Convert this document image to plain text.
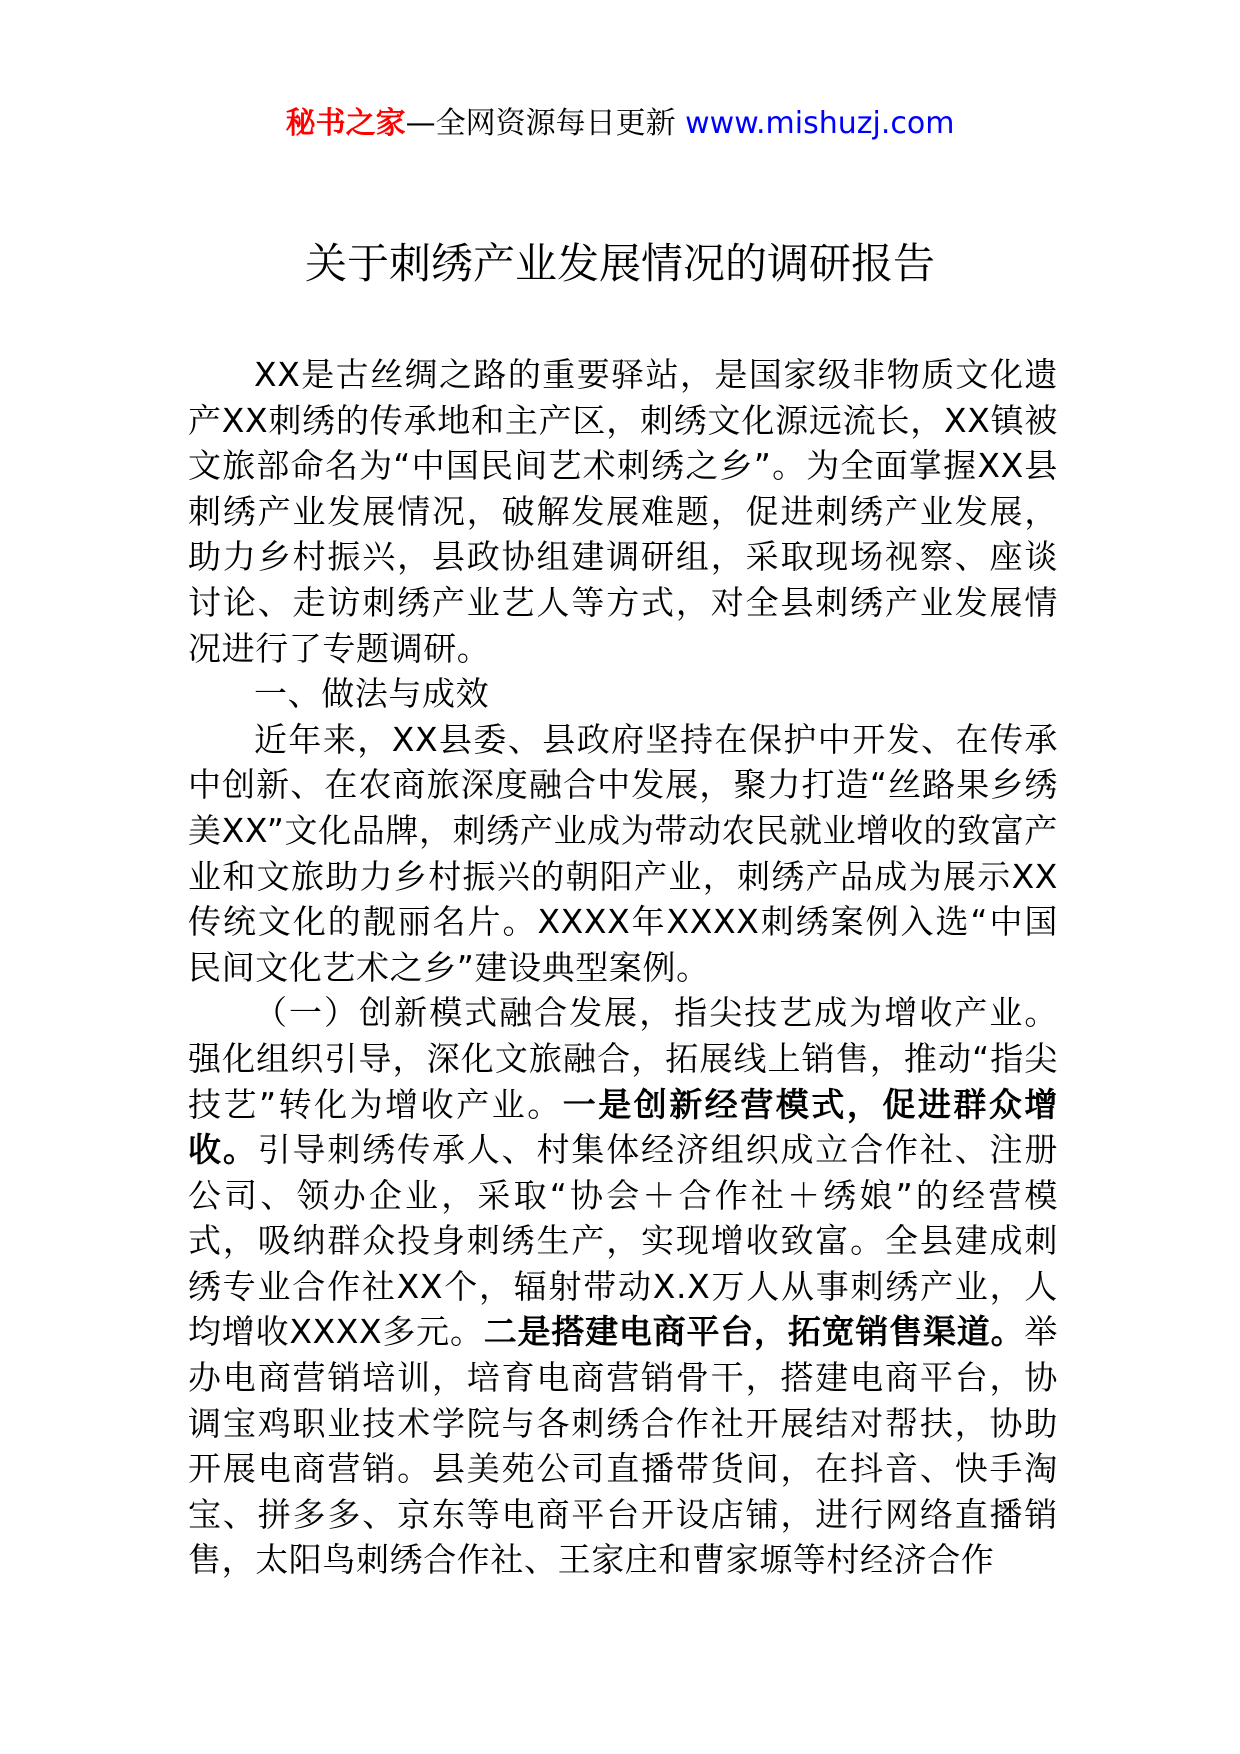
秘书之家—全网资源每日更新 www.mishuzj.com
关于刺绣产业发展情况的调研报告

XX是古丝绸之路的重要驿站，是国家级非物质文化遗产XX刺绣的传承地和主产区，刺绣文化源远流长，XX镇被文旅部命名为“中国民间艺术刺绣之乡”。为全面掌握XX县刺绣产业发展情况，破解发展难题，促进刺绣产业发展，助力乡村振兴，县政协组建调研组，采取现场视察、座谈讨论、走访刺绣产业艺人等方式，对全县刺绣产业发展情况进行了专题调研。

一、做法与成效

近年来，XX县委、县政府坚持在保护中开发、在传承中创新、在农商旅深度融合中发展，聚力打造“丝路果乡绣美XX”文化品牌，刺绣产业成为带动农民就业增收的致富产业和文旅助力乡村振兴的朝阳产业，刺绣产品成为展示XX传统文化的靓丽名片。XXXX年XXXX刺绣案例入选“中国民间文化艺术之乡”建设典型案例。

（一）创新模式融合发展，指尖技艺成为增收产业。强化组织引导，深化文旅融合，拓展线上销售，推动“指尖技艺”转化为增收产业。一是创新经营模式，促进群众增收。引导刺绣传承人、村集体经济组织成立合作社、注册公司、领办企业，采取“协会＋合作社＋绣娘”的经营模式，吸纳群众投身刺绣生产，实现增收致富。全县建成刺绣专业合作社XX个，辐射带动X.X万人从事刺绣产业，人均增收XXXX多元。二是搭建电商平台，拓宽销售渠道。举办电商营销培训，培育电商营销骨干，搭建电商平台，协调宝鸡职业技术学院与各刺绣合作社开展结对帮扶，协助开展电商营销。县美苑公司直播带货间，在抖音、快手淘宝、拼多多、京东等电商平台开设店铺，进行网络直播销售，太阳鸟刺绣合作社、王家庄和曹家塬等村经济合作
